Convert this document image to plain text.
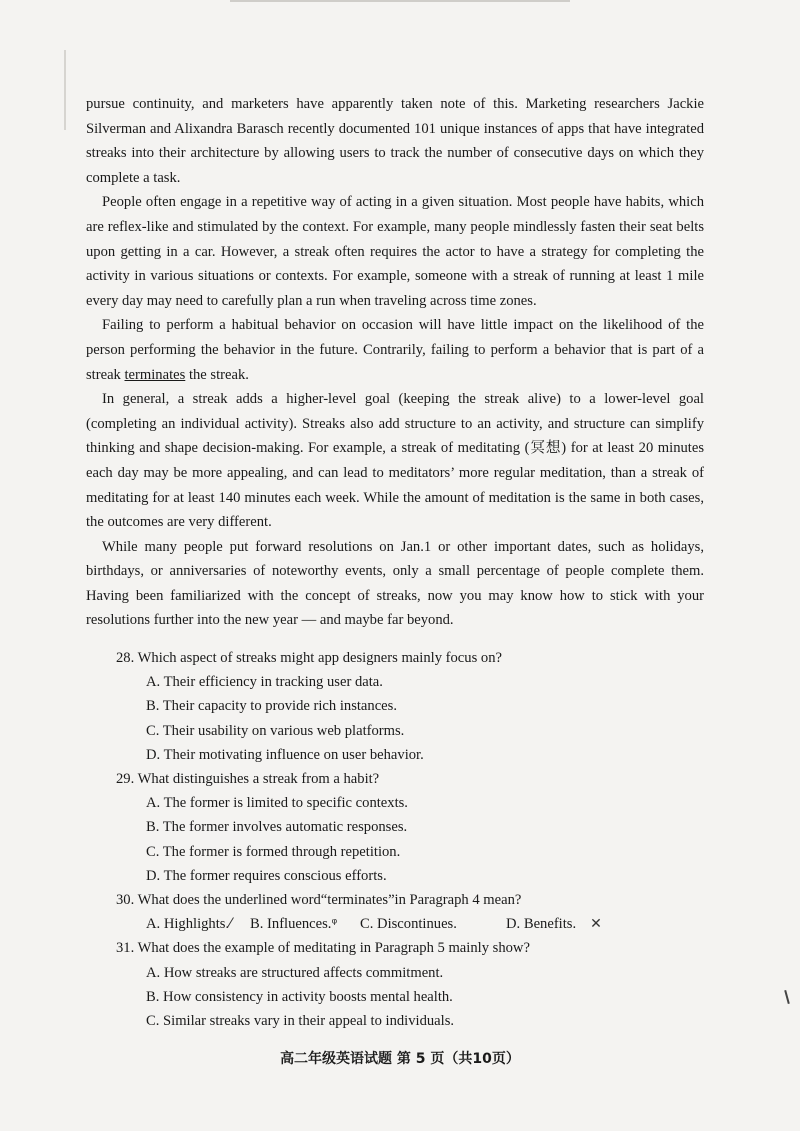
pursue continuity, and marketers have apparently taken note of this. Marketing researchers Jackie Silverman and Alixandra Barasch recently documented 101 unique instances of apps that have integrated streaks into their architecture by allowing users to track the number of consecutive days on which they complete a task.

People often engage in a repetitive way of acting in a given situation. Most people have habits, which are reflex-like and stimulated by the context. For example, many people mindlessly fasten their seat belts upon getting in a car. However, a streak often requires the actor to have a strategy for completing the activity in various situations or contexts. For example, someone with a streak of running at least 1 mile every day may need to carefully plan a run when traveling across time zones.

Failing to perform a habitual behavior on occasion will have little impact on the likelihood of the person performing the behavior in the future. Contrarily, failing to perform a behavior that is part of a streak terminates the streak.

In general, a streak adds a higher-level goal (keeping the streak alive) to a lower-level goal (completing an individual activity). Streaks also add structure to an activity, and structure can simplify thinking and shape decision-making. For example, a streak of meditating (冥想) for at least 20 minutes each day may be more appealing, and can lead to meditators’ more regular meditation, than a streak of meditating for at least 140 minutes each week. While the amount of meditation is the same in both cases, the outcomes are very different.

While many people put forward resolutions on Jan.1 or other important dates, such as holidays, birthdays, or anniversaries of noteworthy events, only a small percentage of people complete them. Having been familiarized with the concept of streaks, now you may know how to stick with your resolutions further into the new year — and maybe far beyond.

28. Which aspect of streaks might app designers mainly focus on?

A. Their efficiency in tracking user data.

B. Their capacity to provide rich instances.

C. Their usability on various web platforms.

D. Their motivating influence on user behavior.

29. What distinguishes a streak from a habit?

A. The former is limited to specific contexts.

B. The former involves automatic responses.

C. The former is formed through repetition.

D. The former requires conscious efforts.

30. What does the underlined word“terminates”in Paragraph 4 mean?

A. Highlights.⁄	B. Influences.ᵠ	C. Discontinues.	D. Benefits. ✕

31. What does the example of meditating in Paragraph 5 mainly show?

A. How streaks are structured affects commitment.

B. How consistency in activity boosts mental health.

C. Similar streaks vary in their appeal to individuals.

高二年级英语试题 第 5 页（共10页）
